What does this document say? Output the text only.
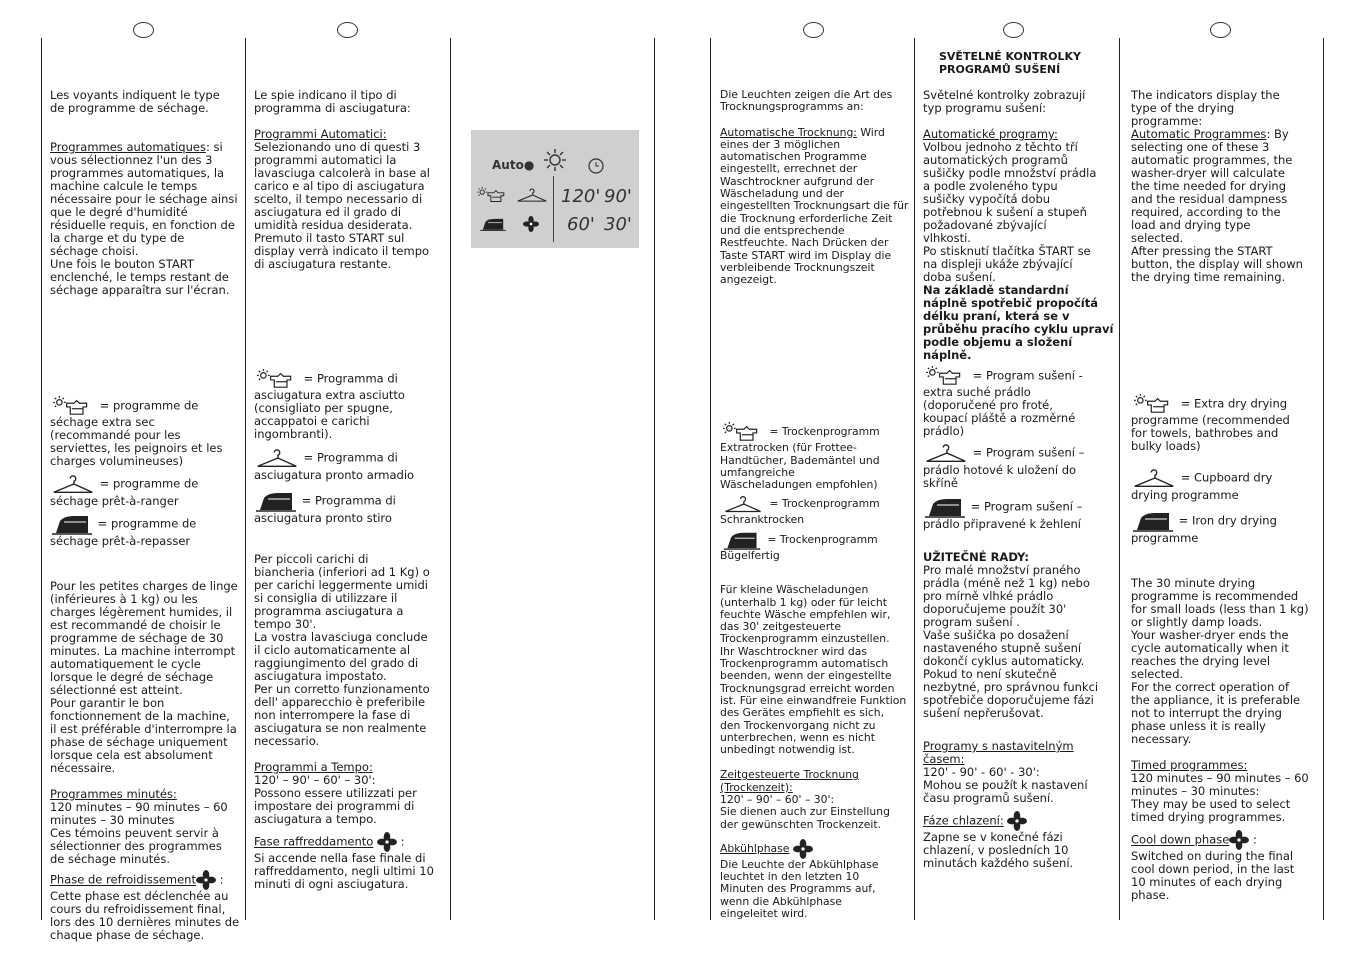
Les voyants indiquent le type
de programme de séchage.

Programmes automatiques: si
vous sélectionnez l'un des 3
programmes automatiques, la
machine calcule le temps
nécessaire pour le séchage ainsi
que le degré d'humidité
résiduelle requis, en fonction de
la charge et du type de
séchage choisi.
Une fois le bouton START
enclenché, le temps restant de
séchage apparaîtra sur l'écran.

= programme de
séchage extra sec
(recommandé pour les
serviettes, les peignoirs et les
charges volumineuses)

= programme de
séchage prêt-à-ranger

= programme de
séchage prêt-à-repasser

Pour les petites charges de linge
(inférieures à 1 kg) ou les
charges légèrement humides, il
est recommandé de choisir le
programme de séchage de 30
minutes. La machine interrompt
automatiquement le cycle
lorsque le degré de séchage
sélectionné est atteint.
Pour garantir le bon
fonctionnement de la machine,
il est préférable d'interrompre la
phase de séchage uniquement
lorsque cela est absolument
nécessaire.

Programmes minutés:

120 minutes – 90 minutes – 60
minutes – 30 minutes
Ces témoins peuvent servir à
sélectionner des programmes
de séchage minutés.

Phase de refroidissement :

Cette phase est déclenchée au
cours du refroidissement final,
lors des 10 dernières minutes de
chaque phase de séchage.

Le spie indicano il tipo di
programma di asciugatura:

Programmi Automatici:

Selezionando uno di questi 3
programmi automatici la
lavasciuga calcolerà in base al
carico e al tipo di asciugatura
scelto, il tempo necessario di
asciugatura ed il grado di
umidità residua desiderata.
Premuto il tasto START sul
display verrà indicato il tempo
di asciugatura restante.

= Programma di
asciugatura extra asciutto
(consigliato per spugne,
accappatoi e carichi
ingombranti).

= Programma di
asciugatura pronto armadio

= Programma di
asciugatura pronto stiro

Per piccoli carichi di
biancheria (inferiori ad 1 Kg) o
per carichi leggermente umidi
si consiglia di utilizzare il
programma asciugatura a
tempo 30'.
La vostra lavasciuga conclude
il ciclo automaticamente al
raggiungimento del grado di
asciugatura impostato.
Per un corretto funzionamento
dell' apparecchio è preferibile
non interrompere la fase di
asciugatura se non realmente
necessario.

Programmi a Tempo:

120' – 90' – 60' – 30':
Possono essere utilizzati per
impostare dei programmi di
asciugatura a tempo.

Fase raffreddamento  :

Si accende nella fase finale di
raffreddamento, negli ultimi 10
minuti di ogni asciugatura.

Auto●
120' 90'
60' 30'

Die Leuchten zeigen die Art des
Trocknungsprogramms an:

Automatische Trocknung: Wird
eines der 3 möglichen
automatischen Programme
eingestellt, errechnet der
Waschtrockner aufgrund der
Wäscheladung und der
eingestellten Trocknungsart die für
die Trocknung erforderliche Zeit
und die entsprechende
Restfeuchte. Nach Drücken der
Taste START wird im Display die
verbleibende Trocknungszeit
angezeigt.

= Trockenprogramm
Extratrocken (für Frottee-
Handtücher, Bademäntel und
umfangreiche
Wäscheladungen empfohlen)

= Trockenprogramm
Schranktrocken

= Trockenprogramm
Bügelfertig

Für kleine Wäscheladungen
(unterhalb 1 kg) oder für leicht
feuchte Wäsche empfehlen wir,
das 30' zeitgesteuerte
Trockenprogramm einzustellen.
Ihr Waschtrockner wird das
Trockenprogramm automatisch
beenden, wenn der eingestellte
Trocknungsgrad erreicht worden
ist. Für eine einwandfreie Funktion
des Gerätes empfiehlt es sich,
den Trockenvorgang nicht zu
unterbrechen, wenn es nicht
unbedingt notwendig ist.

Zeitgesteuerte Trocknung
(Trockenzeit):

120' – 90' – 60' – 30':
Sie dienen auch zur Einstellung
der gewünschten Trockenzeit.

Abkühlphase

Die Leuchte der Abkühlphase
leuchtet in den letzten 10
Minuten des Programms auf,
wenn die Abkühlphase
eingeleitet wird.

SVĚTELNÉ KONTROLKY
PROGRAMŮ SUŠENÍ

Světelné kontrolky zobrazují
typ programu sušení:

Automatické programy:

Volbou jednoho z těchto tří
automatických programů
sušičky podle množství prádla
a podle zvoleného typu
sušičky vypočítá dobu
potřebnou k sušení a stupeň
požadované zbývající
vlhkosti.
Po stisknutí tlačítka ŠTART se
na displeji ukáže zbývající
doba sušení.

Na základě standardní
náplně spotřebič propočítá
délku praní, která se v
průběhu pracího cyklu upraví
podle objemu a složení
náplně.

= Program sušení -
extra suché prádlo
(doporučené pro froté,
koupací pláště a rozměrné
prádlo)

= Program sušení –
prádlo hotové k uložení do
skříně

= Program sušení –
prádlo připravené k žehlení

UŽITEČNÉ RADY:

Pro malé množství praného
prádla (méně než 1 kg) nebo
pro mírně vlhké prádlo
doporučujeme použít 30'
program sušení .
Vaše sušička po dosažení
nastaveného stupně sušení
dokončí cyklus automaticky.
Pokud to není skutečně
nezbytné, pro správnou funkci
spotřebiče doporučujeme fázi
sušení nepřerušovat.

Programy s nastavitelným
časem:

120' - 90' - 60' - 30':
Mohou se použít k nastavení
času programů sušení.

Fáze chlazení:

Zapne se v konečné fázi
chlazení, v posledních 10
minutách každého sušení.

The indicators display the
type of the drying
programme:

Automatic Programmes: By
selecting one of these 3
automatic programmes, the
washer-dryer will calculate
the time needed for drying
and the residual dampness
required, according to the
load and drying type
selected.
After pressing the START
button, the display will shown
the drying time remaining.

= Extra dry drying
programme (recommended
for towels, bathrobes and
bulky loads)

= Cupboard dry
drying programme

= Iron dry drying
programme

The 30 minute drying
programme is recommended
for small loads (less than 1 kg)
or slightly damp loads.
Your washer-dryer ends the
cycle automatically when it
reaches the drying level
selected.
For the correct operation of
the appliance, it is preferable
not to interrupt the drying
phase unless it is really
necessary.

Timed programmes:

120 minutes – 90 minutes – 60
minutes – 30 minutes:
They may be used to select
timed drying programmes.

Cool down phase :

Switched on during the final
cool down period, in the last
10 minutes of each drying
phase.
